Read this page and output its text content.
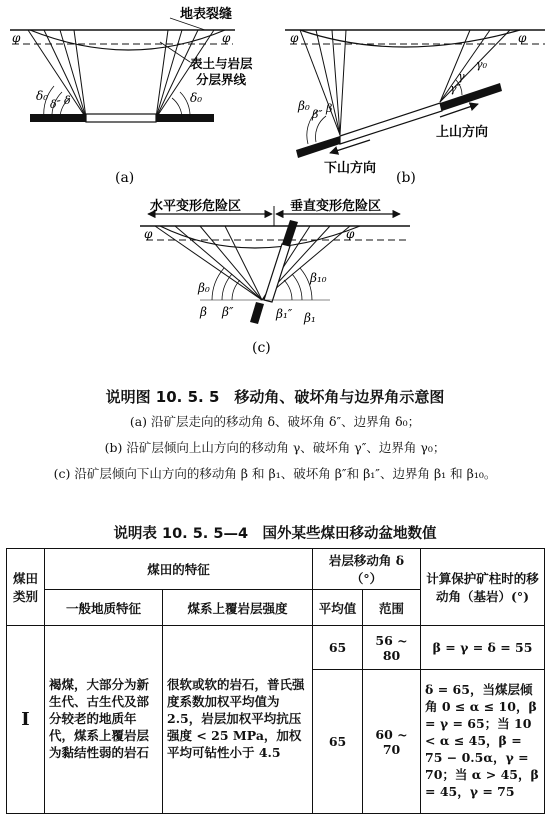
地表裂缝
表土与岩层
分层界线
φ	φ
δ₀
δ″ δ	δ₀
(a)
φ	φ
β₀
β″ β
γ
γ″
γ₀
下山方向
上山方向
(b)
水平变形危险区	垂直变形危险区
φ	φ
β₀
β β″
β₁₀
β₁″ β₁
(c)
说明图 10. 5. 5　移动角、破坏角与边界角示意图
(a) 沿矿层走向的移动角 δ、破坏角 δ″、边界角 δ₀；
(b) 沿矿层倾向上山方向的移动角 γ、破坏角 γ″、边界角 γ₀；
(c) 沿矿层倾向下山方向的移动角 β 和 β₁、破坏角 β″和 β₁″、边界角 β₁ 和 β₁₀。
说明表 10. 5. 5—4　国外某些煤田移动盆地数值
煤田类别	煤田的特征		岩层移动角 δ（°）		计算保护矿柱时的移动角（基岩）(°)
	一般地质特征	煤系上覆岩层强度	平均值	范围	
I	褐煤，大部分为新生代、古生代及部分较老的地质年代，煤系上覆岩层为黏结性弱的岩石	很软或软的岩石，普氏强度系数加权平均值为 2.5，岩层加权平均抗压强度 < 25 MPa，加权平均可钻性小于 4.5	65	56 ~ 80	β = γ = δ = 55
			65	60 ~ 70	δ = 65，当煤层倾角 0 ≤ α ≤ 10，β = γ = 65；当 10 < α ≤ 45，β = 75 − 0.5α，γ = 70；当 α > 45，β = 45，γ = 75
